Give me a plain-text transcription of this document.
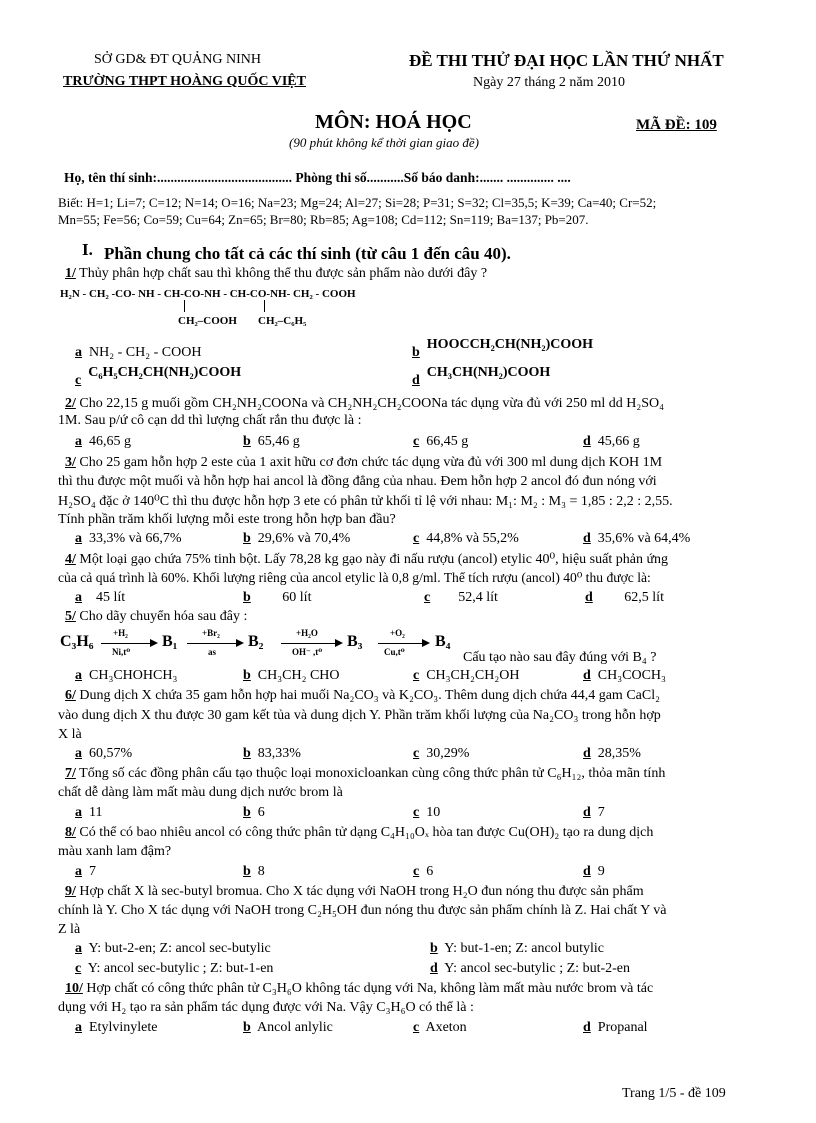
SỞ GD& ĐT QUẢNG NINH
TRƯỜNG THPT HOÀNG QUỐC VIỆT
ĐỀ THI THỬ ĐẠI HỌC LẦN THỨ NHẤT
Ngày 27 tháng 2 năm 2010
MÔN: HOÁ HỌC	MÃ ĐỀ: 109
(90 phút không kể thời gian giao đề)
Họ, tên thí sinh:........................................ Phòng thi số...........Số báo danh:....... .............. ....
Biết: H=1; Li=7; C=12; N=14; O=16; Na=23; Mg=24; Al=27; Si=28; P=31; S=32; Cl=35,5; K=39; Ca=40; Cr=52;
Mn=55; Fe=56; Co=59; Cu=64; Zn=65; Br=80; Rb=85; Ag=108; Cd=112; Sn=119; Ba=137; Pb=207.
I. Phần chung cho tất cả các thí sinh (từ câu 1 đến câu 40).
1/ Thủy phân hợp chất sau thì không thể thu được sản phẩm nào dưới đây ?
H₂N - CH₂ -CO- NH - CH-CO-NH - CH-CO-NH- CH₂ - COOH
CH₂–COOH CH₂–C₆H₅
a NH₂ - CH₂ - COOH	b  HOOCCH₂CH(NH₂)COOH
c  C₆H₅CH₂CH(NH₂)COOH
d  CH₃CH(NH₂)COOH
2/ Cho 22,15 g muối gồm CH₂NH₂COONa và CH₂NH₂CH₂COONa tác dụng vừa đủ với 250 ml dd H₂SO₄
1M. Sau p/ứ cô cạn dd thì lượng chất rắn thu được là :
a 46,65 g	b 65,46 g	c 66,45 g	d 45,66 g
3/ Cho 25 gam hỗn hợp 2 este của 1 axit hữu cơ đơn chức tác dụng vừa đủ với 300 ml dung dịch KOH 1M
thì thu được một muối và hỗn hợp hai ancol là đồng đẳng của nhau. Đem hỗn hợp 2 ancol đó đun nóng với
H₂SO₄ đặc ở 140⁰C thì thu được hỗn hợp 3 ete có phân tử khối tỉ lệ với nhau: M₁: M₂ : M₃ = 1,85 : 2,2 : 2,55.
Tính phần trăm khối lượng mỗi este trong hỗn hợp ban đầu?
a 33,3% và 66,7%	b 29,6% và 70,4%	c 44,8% và 55,2%	d 35,6% và 64,4%
4/ Một loại gạo chứa 75% tinh bột. Lấy 78,28 kg gạo này đi nấu rượu (ancol) etylic 40⁰, hiệu suất phản ứng
của cả quá trình là 60%. Khối lượng riêng của ancol etylic là 0,8 g/ml. Thể tích rượu (ancol) 40⁰ thu được là:
a 45 lít	b 60 lít	c 52,4 lít	d 62,5 lít
5/ Cho dãy chuyển hóa sau đây :
C₃H₆ +H₂
Ni,t⁰
B₁	+Br₂
as
B₂	+H₂O
OH⁻ ,t⁰
B₃	+O₂
Cu,t⁰
B₄
Cấu tạo nào sau đây đúng với B₄ ?
a CH₃CHOHCH₃	b CH₃CH₂ CHO	c CH₃CH₂CH₂OH	d CH₃COCH₃
6/ Dung dịch X chứa 35 gam hỗn hợp hai muối Na₂CO₃ và K₂CO₃. Thêm dung dịch chứa 44,4 gam CaCl₂
vào dung dịch X thu được 30 gam kết tủa và dung dịch Y. Phần trăm khối lượng của Na₂CO₃ trong hỗn hợp
X là
a 60,57%	b 83,33%	c 30,29%	d 28,35%
7/ Tổng số các đồng phân cấu tạo thuộc loại monoxicloankan cùng công thức phân tử C₆H₁₂, thỏa mãn tính
chất dễ dàng làm mất màu dung dịch nước brom là
a 11	b 6	c 10	d 7
8/ Có thể có bao nhiêu ancol có công thức phân tử dạng C₄H₁₀Oₓ hòa tan được Cu(OH)₂ tạo ra dung dịch
màu xanh lam đậm?
a 7	b 8	c 6	d 9
9/ Hợp chất X là sec-butyl bromua. Cho X tác dụng với NaOH trong H₂O đun nóng thu được sản phẩm
chính là Y. Cho X tác dụng với NaOH trong C₂H₅OH đun nóng thu được sản phẩm chính là Z. Hai chất Y và
Z là
a Y: but-2-en; Z: ancol sec-butylic	b Y: but-1-en; Z: ancol butylic
c Y: ancol sec-butylic ; Z: but-1-en	d Y: ancol sec-butylic ; Z: but-2-en
10/ Hợp chất có công thức phân tử C₃H₆O không tác dụng với Na, không làm mất màu nước brom và tác
dụng với H₂ tạo ra sản phẩm tác dụng được với Na. Vậy C₃H₆O có thể là :
a Etylvinylete	b Ancol anlylic	c Axeton	d Propanal
Trang 1/5 - đề 109
